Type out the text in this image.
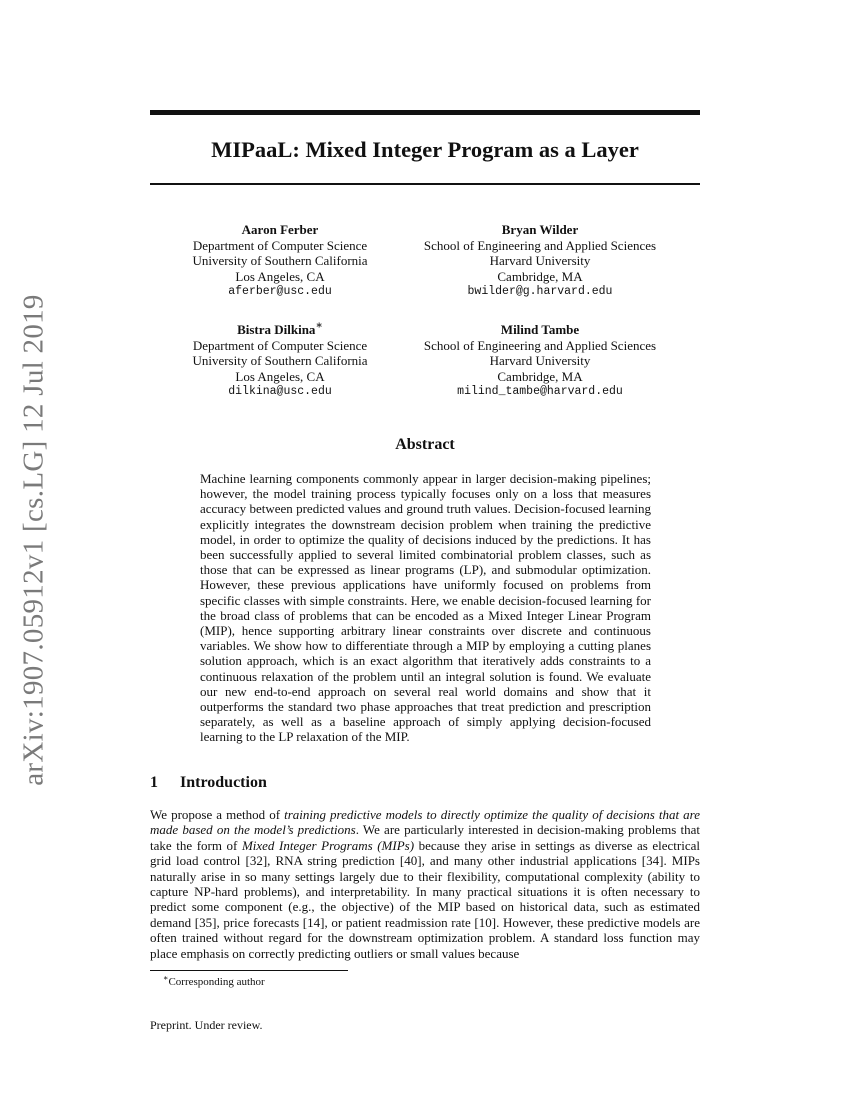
arXiv:1907.05912v1 [cs.LG] 12 Jul 2019
MIPaaL: Mixed Integer Program as a Layer
Aaron Ferber
Department of Computer Science
University of Southern California
Los Angeles, CA
aferber@usc.edu
Bryan Wilder
School of Engineering and Applied Sciences
Harvard University
Cambridge, MA
bwilder@g.harvard.edu
Bistra Dilkina∗
Department of Computer Science
University of Southern California
Los Angeles, CA
dilkina@usc.edu
Milind Tambe
School of Engineering and Applied Sciences
Harvard University
Cambridge, MA
milind_tambe@harvard.edu
Abstract

Machine learning components commonly appear in larger decision-making pipelines; however, the model training process typically focuses only on a loss that measures accuracy between predicted values and ground truth values. Decision-focused learning explicitly integrates the downstream decision problem when training the predictive model, in order to optimize the quality of decisions induced by the predictions. It has been successfully applied to several limited combinatorial problem classes, such as those that can be expressed as linear programs (LP), and submodular optimization. However, these previous applications have uniformly focused on problems from specific classes with simple constraints. Here, we enable decision-focused learning for the broad class of problems that can be encoded as a Mixed Integer Linear Program (MIP), hence supporting arbitrary linear constraints over discrete and continuous variables. We show how to differentiate through a MIP by employing a cutting planes solution approach, which is an exact algorithm that iteratively adds constraints to a continuous relaxation of the problem until an integral solution is found. We evaluate our new end-to-end approach on several real world domains and show that it outperforms the standard two phase approaches that treat prediction and prescription separately, as well as a baseline approach of simply applying decision-focused learning to the LP relaxation of the MIP.

1 Introduction

We propose a method of training predictive models to directly optimize the quality of decisions that are made based on the model’s predictions. We are particularly interested in decision-making problems that take the form of Mixed Integer Programs (MIPs) because they arise in settings as diverse as electrical grid load control [32], RNA string prediction [40], and many other industrial applications [34]. MIPs naturally arise in so many settings largely due to their flexibility, computational complexity (ability to capture NP-hard problems), and interpretability. In many practical situations it is often necessary to predict some component (e.g., the objective) of the MIP based on historical data, such as estimated demand [35], price forecasts [14], or patient readmission rate [10]. However, these predictive models are often trained without regard for the downstream optimization problem. A standard loss function may place emphasis on correctly predicting outliers or small values because

∗Corresponding author
Preprint. Under review.
